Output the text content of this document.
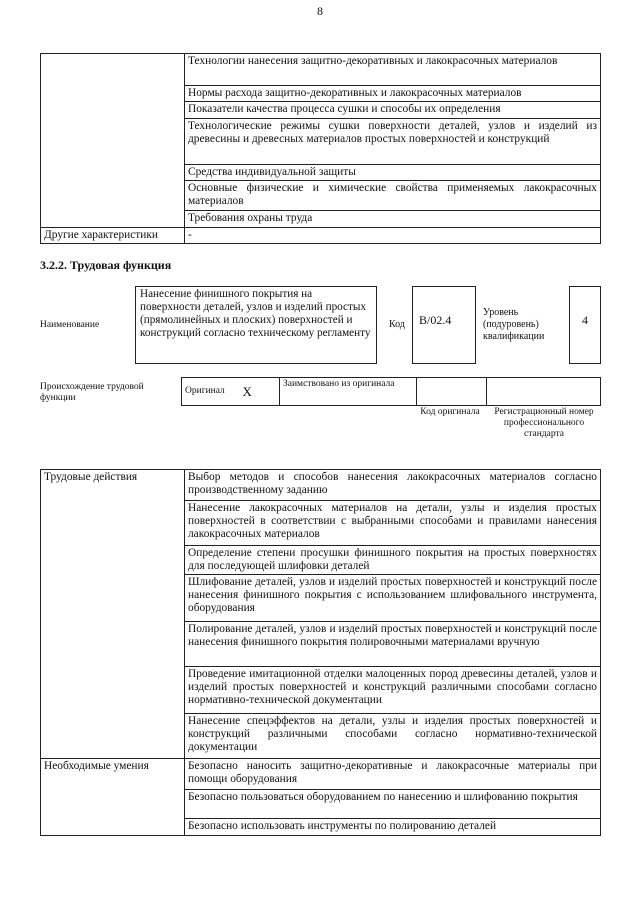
8
	Технологии нанесения защитно-декоративных и лакокрасочных материалов
	Нормы расхода защитно-декоративных и лакокрасочных материалов
	Показатели качества процесса сушки и способы их определения
	Технологические режимы сушки поверхности деталей, узлов и изделий из древесины и древесных материалов простых поверхностей и конструкций
	Средства индивидуальной защиты
	Основные физические и химические свойства применяемых лакокрасочных материалов
	Требования охраны труда
Другие характеристики	-
3.2.2. Трудовая функция
Наименование
Нанесение финишного покрытия на поверхности деталей, узлов и изделий простых (прямолинейных и плоских) поверхностей и конструкций согласно техническому регламенту
Код	B/02.4
Уровень (подуровень) квалификации
4
Происхождение трудовой функции
Оригинал	X	Заимствовано из оригинала		
Код оригинала	Регистрационный номер профессионального стандарта
Трудовые действия	Выбор методов и способов нанесения лакокрасочных материалов согласно производственному заданию
	Нанесение лакокрасочных материалов на детали, узлы и изделия простых поверхностей в соответствии с выбранными способами и правилами нанесения лакокрасочных материалов
	Определение степени просушки финишного покрытия на простых поверхностях для последующей шлифовки деталей
	Шлифование деталей, узлов и изделий простых поверхностей и конструкций после нанесения финишного покрытия с использованием шлифовального инструмента, оборудования
	Полирование деталей, узлов и изделий простых поверхностей и конструкций после нанесения финишного покрытия полировочными материалами вручную
	Проведение имитационной отделки малоценных пород древесины деталей, узлов и изделий простых поверхностей и конструкций различными способами согласно нормативно-технической документации
	Нанесение спецэффектов на детали, узлы и изделия простых поверхностей и конструкций различными способами согласно нормативно-технической документации
Необходимые умения	Безопасно наносить защитно-декоративные и лакокрасочные материалы при помощи оборудования
	Безопасно пользоваться оборудованием по нанесению и шлифованию покрытия
	Безопасно использовать инструменты по полированию деталей
